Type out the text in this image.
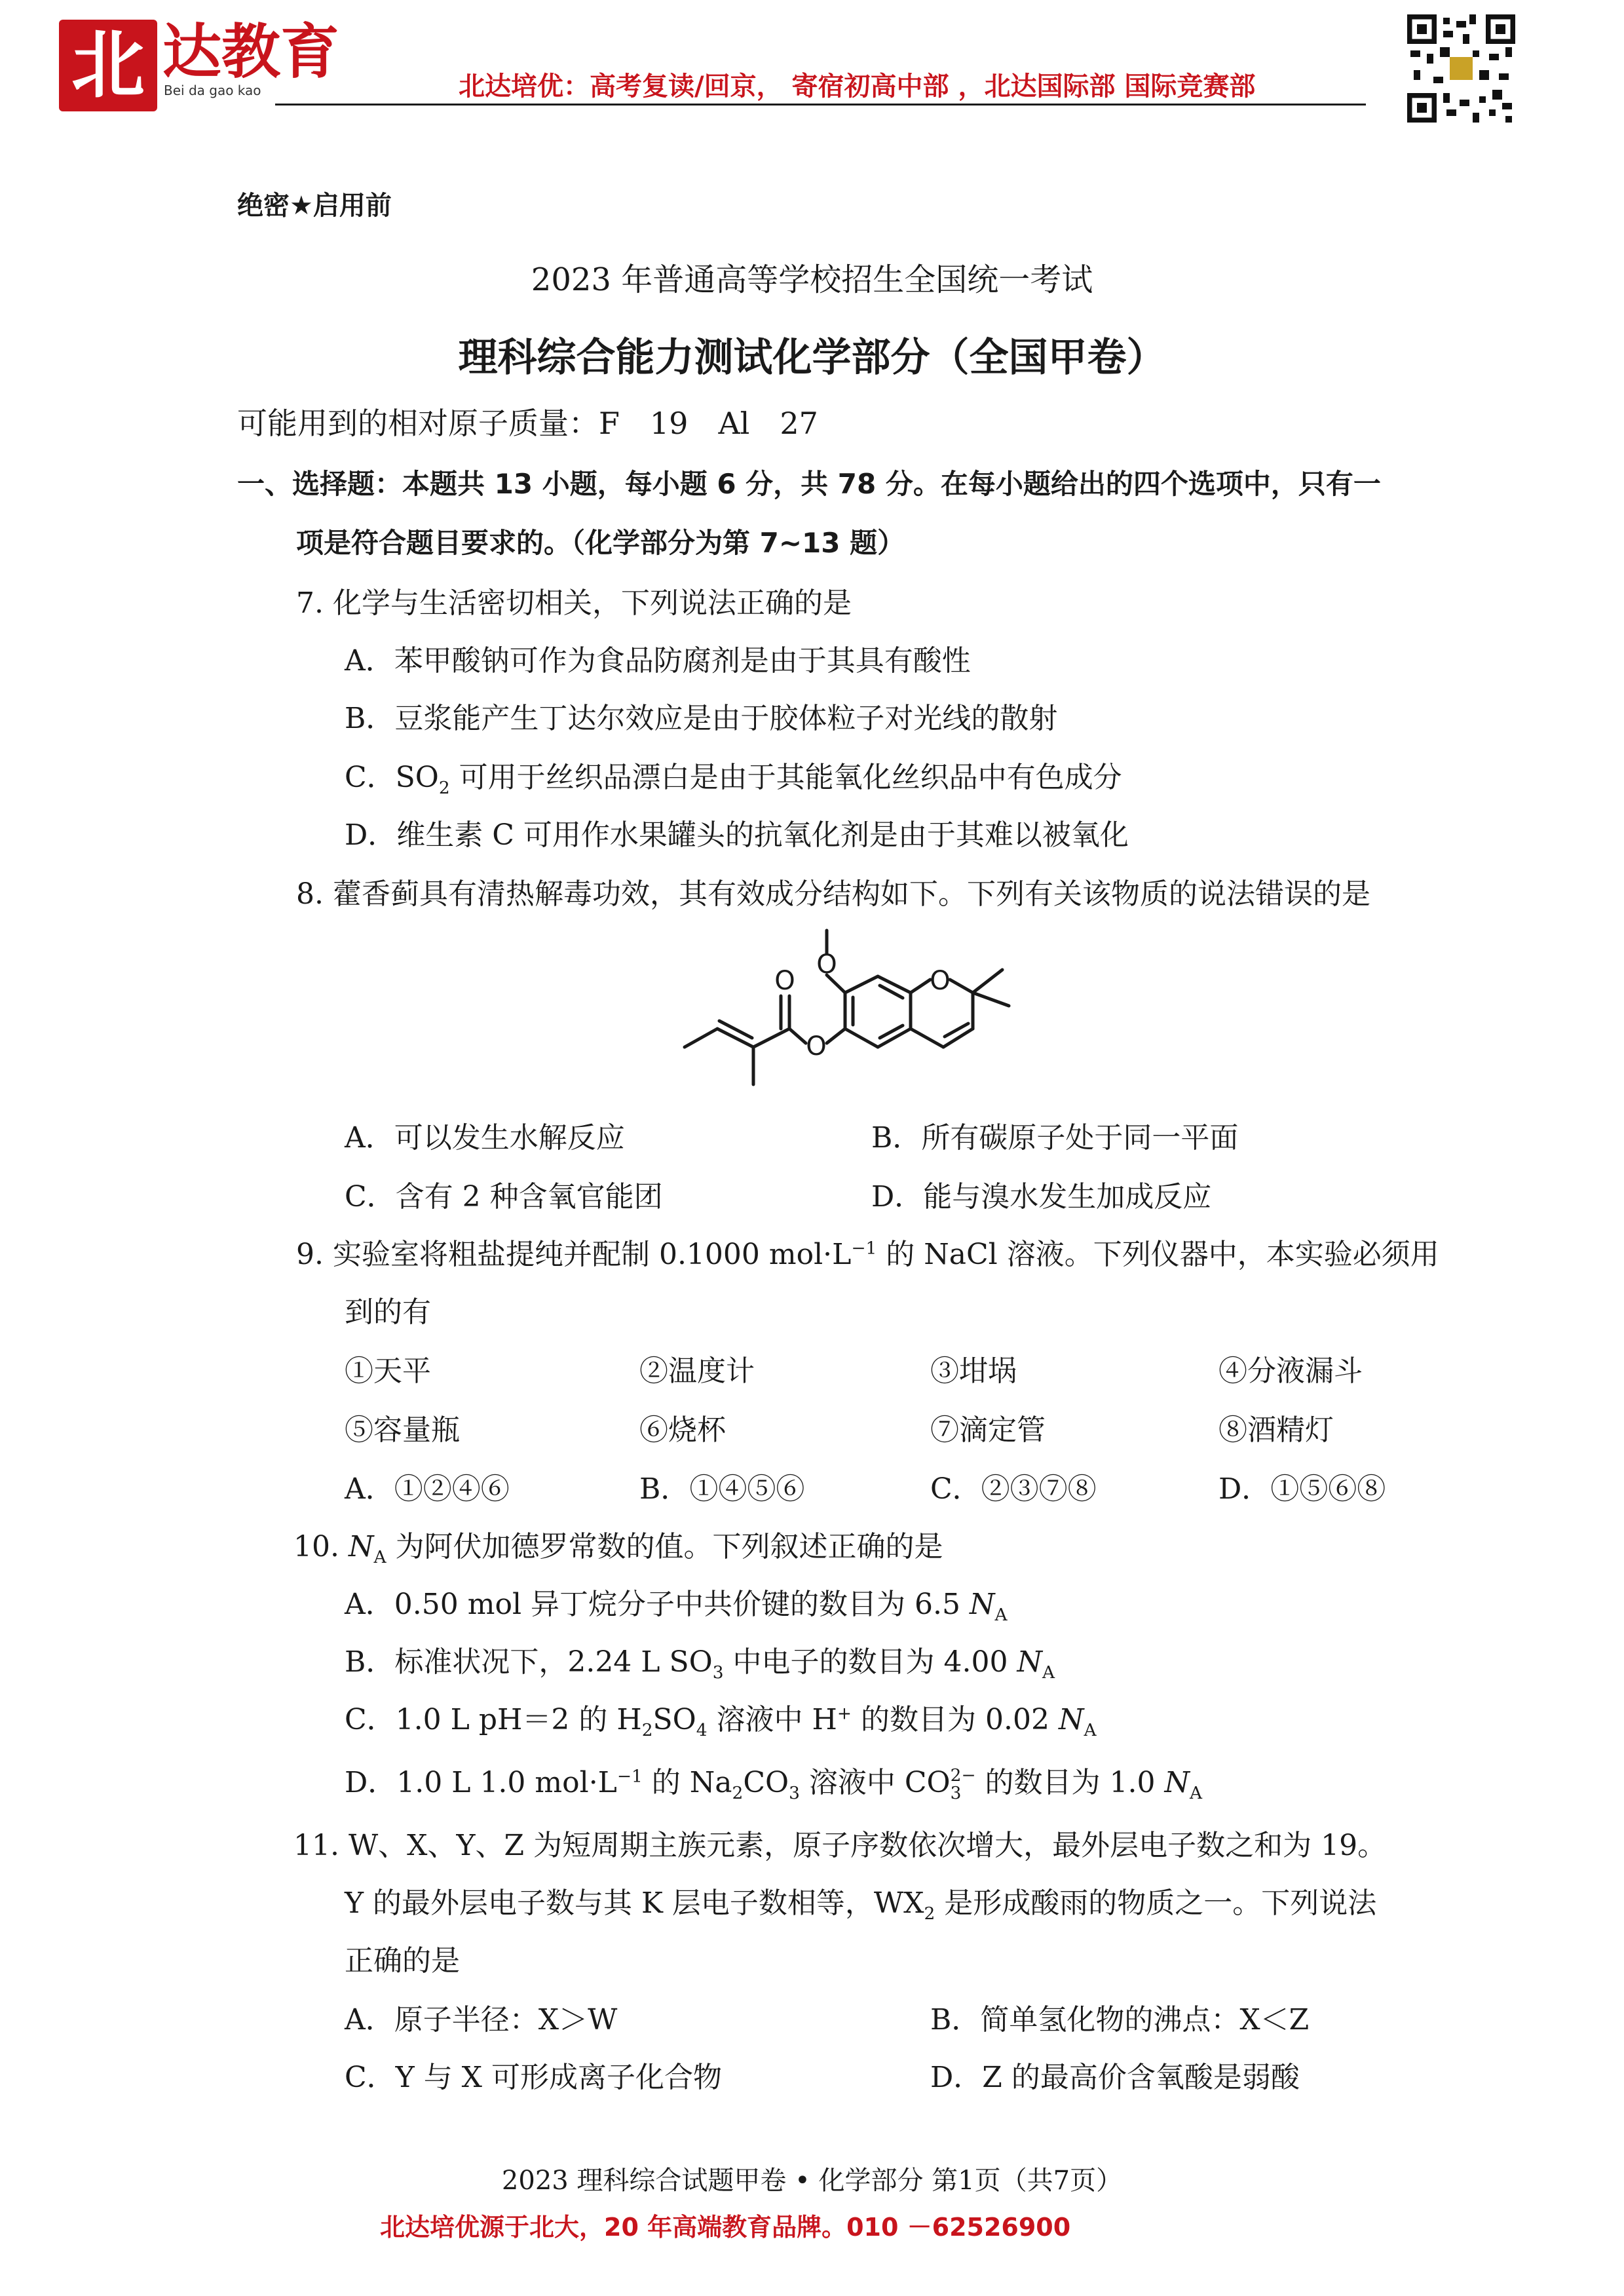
北 达教育
Bei da gao kao	北达培优：高考复读/回京， 寄宿初高中部 ，北达国际部 国际竞赛部
绝密★启用前
2023 年普通高等学校招生全国统一考试
理科综合能力测试化学部分（全国甲卷）
可能用到的相对原子质量：F　19　Al　27
一、选择题：本题共 13 小题，每小题 6 分，共 78 分。在每小题给出的四个选项中，只有一
项是符合题目要求的。（化学部分为第 7~13 题）
7. 化学与生活密切相关，下列说法正确的是
A．苯甲酸钠可作为食品防腐剂是由于其具有酸性
B．豆浆能产生丁达尔效应是由于胶体粒子对光线的散射
C．$SO_2$ 可用于丝织品漂白是由于其能氧化丝织品中有色成分
D．维生素 C 可用作水果罐头的抗氧化剂是由于其难以被氧化
8. 藿香蓟具有清热解毒功效，其有效成分结构如下。下列有关该物质的说法错误的是
O
O
O
O
A．可以发生水解反应	B．所有碳原子处于同一平面
C．含有 2 种含氧官能团	D．能与溴水发生加成反应
9. 实验室将粗盐提纯并配制 0.1000 $mol\cdot L^{-1}$ 的 NaCl 溶液。下列仪器中，本实验必须用
到的有
①天平	②温度计	③坩埚	④分液漏斗
⑤容量瓶	⑥烧杯	⑦滴定管	⑧酒精灯
A．①②④⑥	B．①④⑤⑥	C．②③⑦⑧	D．①⑤⑥⑧
10. $N_A$ 为阿伏加德罗常数的值。下列叙述正确的是
A．0.50 mol 异丁烷分子中共价键的数目为 6.5 $N_A$
B．标准状况下，2.24 L $SO_3$ 中电子的数目为 4.00 $N_A$
C．1.0 L pH＝2 的 $H_2SO_4$ 溶液中 H+ 的数目为 0.02 $N_A$
D．1.0 L 1.0 $mol\cdot L^{-1}$ 的 $Na_2CO_3$ 溶液中 CO 2−
3 的数目为 1.0 $N_A$
11. W、X、Y、Z 为短周期主族元素，原子序数依次增大，最外层电子数之和为 19。
Y 的最外层电子数与其 K 层电子数相等，$WX_2$ 是形成酸雨的物质之一。下列说法
正确的是
A．原子半径：X＞W	B．简单氢化物的沸点：X＜Z
C．Y 与 X 可形成离子化合物	D．Z 的最高价含氧酸是弱酸
2023 理科综合试题甲卷 • 化学部分 第1页（共7页）
北达培优源于北大，20 年高端教育品牌。010 －62526900
